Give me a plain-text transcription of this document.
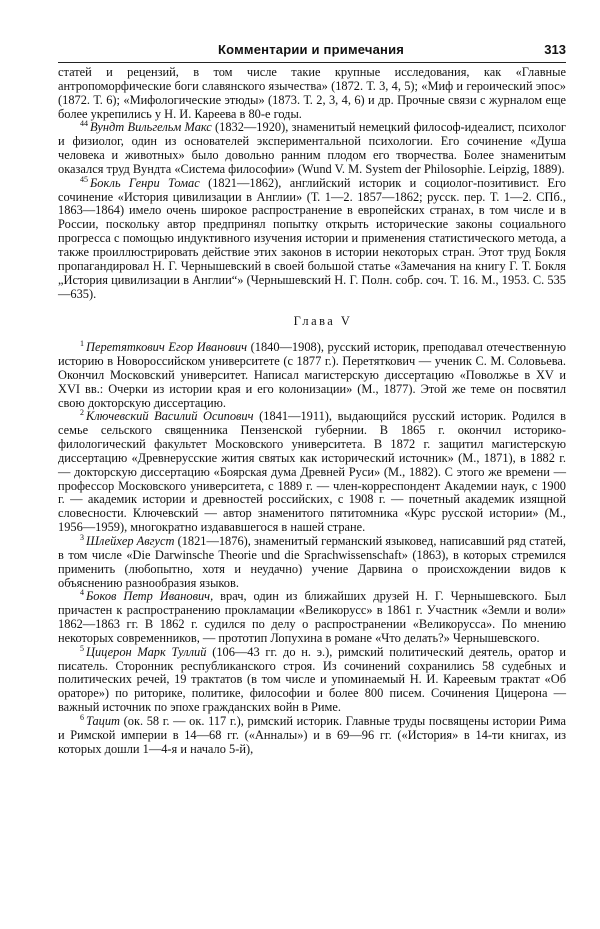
Комментарии и примечания	313

статей и рецензий, в том числе такие крупные исследования, как «Главные антропоморфические боги славянского язычества» (1872. Т. 3, 4, 5); «Миф и героический эпос» (1872. Т. 6); «Мифологические этюды» (1873. Т. 2, 3, 4, 6) и др. Прочные связи с журналом еще более укрепились у Н. И. Кареева в 80-е годы.

$^{44}$ Вундт Вильгельм Макс (1832—1920), знаменитый немецкий философ-идеалист, психолог и физиолог, один из основателей экспериментальной психологии. Его сочинение «Душа человека и животных» было довольно ранним плодом его творчества. Более знаменитым оказался труд Вундта «Система философии» (Wund V. M. System der Philosophie. Leipzig, 1889).

$^{45}$ Бокль Генри Томас (1821—1862), английский историк и социолог-позитивист. Его сочинение «История цивилизации в Англии» (Т. 1—2. 1857—1862; русск. пер. Т. 1—2. СПб., 1863—1864) имело очень широкое распространение в европейских странах, в том числе и в России, поскольку автор предпринял попытку открыть исторические законы социального прогресса с помощью индуктивного изучения истории и применения статистического метода, а также проиллюстрировать действие этих законов в истории некоторых стран. Этот труд Бокля пропагандировал Н. Г. Чернышевский в своей большой статье «Замечания на книгу Г. Т. Бокля „История цивилизации в Англии“» (Чернышевский Н. Г. Полн. собр. соч. Т. 16. М., 1953. С. 535—635).

Глава V

$^1$ Перетяткович Егор Иванович (1840—1908), русский историк, преподавал отечественную историю в Новороссийском университете (с 1877 г.). Перетяткович — ученик С. М. Соловьева. Окончил Московский университет. Написал магистерскую диссертацию «Поволжье в XV и XVI вв.: Очерки из истории края и его колонизации» (М., 1877). Этой же теме он посвятил свою докторскую диссертацию.

$^2$ Ключевский Василий Осипович (1841—1911), выдающийся русский историк. Родился в семье сельского священника Пензенской губернии. В 1865 г. окончил историко-филологический факультет Московского университета. В 1872 г. защитил магистерскую диссертацию «Древнерусские жития святых как исторический источник» (М., 1871), в 1882 г. — докторскую диссертацию «Боярская дума Древней Руси» (М., 1882). С этого же времени — профессор Московского университета, с 1889 г. — член-корреспондент Академии наук, с 1900 г. — академик истории и древностей российских, с 1908 г. — почетный академик изящной словесности. Ключевский — автор знаменитого пятитомника «Курс русской истории» (М., 1956—1959), многократно издававшегося в нашей стране.

$^3$ Шлейхер Август (1821—1876), знаменитый германский языковед, написавший ряд статей, в том числе «Die Darwinsche Theorie und die Sprachwissenschaft» (1863), в которых стремился применить (любопытно, хотя и неудачно) учение Дарвина о происхождении видов к объяснению разнообразия языков.

$^4$ Боков Петр Иванович, врач, один из ближайших друзей Н. Г. Чернышевского. Был причастен к распространению прокламации «Великорусс» в 1861 г. Участник «Земли и воли» 1862—1863 гг. В 1862 г. судился по делу о распространении «Великорусса». По мнению некоторых современников, — прототип Лопухина в романе «Что делать?» Чернышевского.

$^5$ Цицерон Марк Туллий (106—43 гг. до н. э.), римский политический деятель, оратор и писатель. Сторонник республиканского строя. Из сочинений сохранились 58 судебных и политических речей, 19 трактатов (в том числе и упоминаемый Н. И. Кареевым трактат «Об ораторе») по риторике, политике, философии и более 800 писем. Сочинения Цицерона — важный источник по эпохе гражданских войн в Риме.

$^6$ Тацит (ок. 58 г. — ок. 117 г.), римский историк. Главные труды посвящены истории Рима и Римской империи в 14—68 гг. («Анналы») и в 69—96 гг. («История» в 14-ти книгах, из которых дошли 1—4-я и начало 5-й),
